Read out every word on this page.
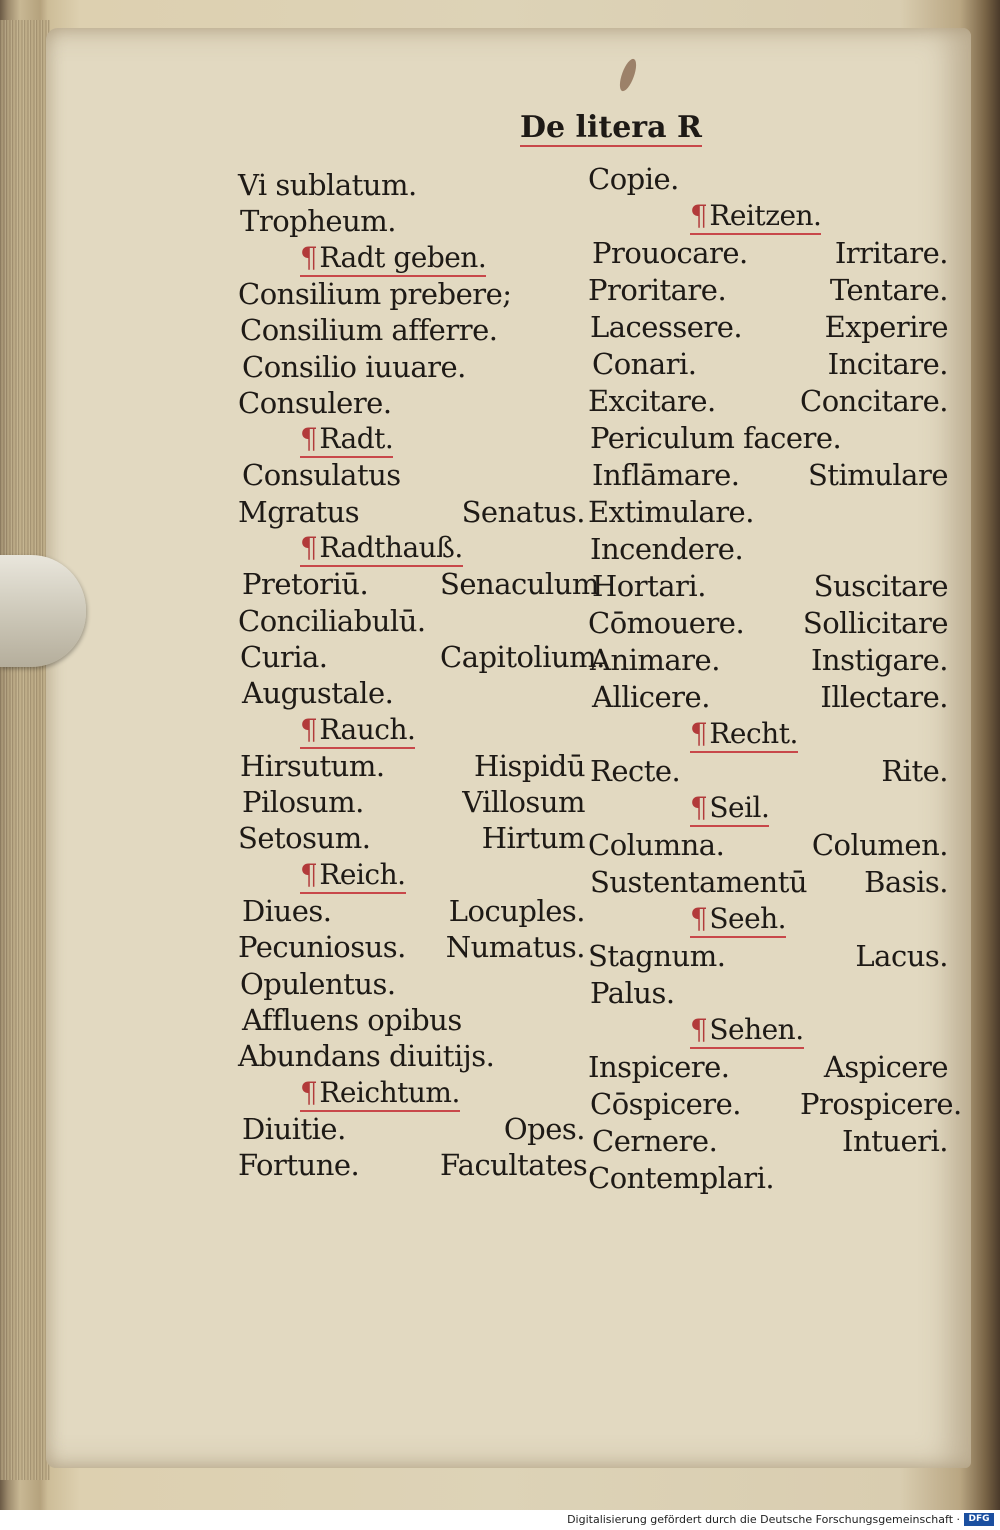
De litera R
Vi sublatum.
Tropheum.
¶Radt geben.
Consilium prebere;
Consilium afferre.
Consilio iuuare.
Consulere.
¶Radt.
Consulatus
Mgratus	Senatus.
¶Radthauß.
Pretoriū. Senaculum
Conciliabulū.
Curia.	Capitolium.
Augustale.
¶Rauch.
Hirsutum.	Hispidū
Pilosum.	Villosum
Setosum.	Hirtum
¶Reich.
Diues.	Locuples.
Pecuniosus. Numatus.
Opulentus.
Affluens opibus
Abundans diuitijs.
¶Reichtum.
Diuitie.	Opes.
Fortune.	Facultates.
Copie.
¶Reitzen.
Prouocare.	Irritare.
Proritare.	Tentare.
Lacessere.	Experire
Conari.	Incitare.
Excitare.	Concitare.
Periculum facere.
Inflāmare. Stimulare
Extimulare.
Incendere.
Hortari.	Suscitare
Cōmouere. Sollicitare
Animare.	Instigare.
Allicere.	Illectare.
¶Recht.
Recte.	Rite.
¶Seil.
Columna.	Columen.
Sustentamentū Basis.
¶Seeh.
Stagnum.	Lacus.
Palus.
¶Sehen.
Inspicere.	Aspicere
Cōspicere. Prospicere.
Cernere.	Intueri.
Contemplari.
Digitalisierung gefördert durch die Deutsche Forschungsgemeinschaft · DFG
